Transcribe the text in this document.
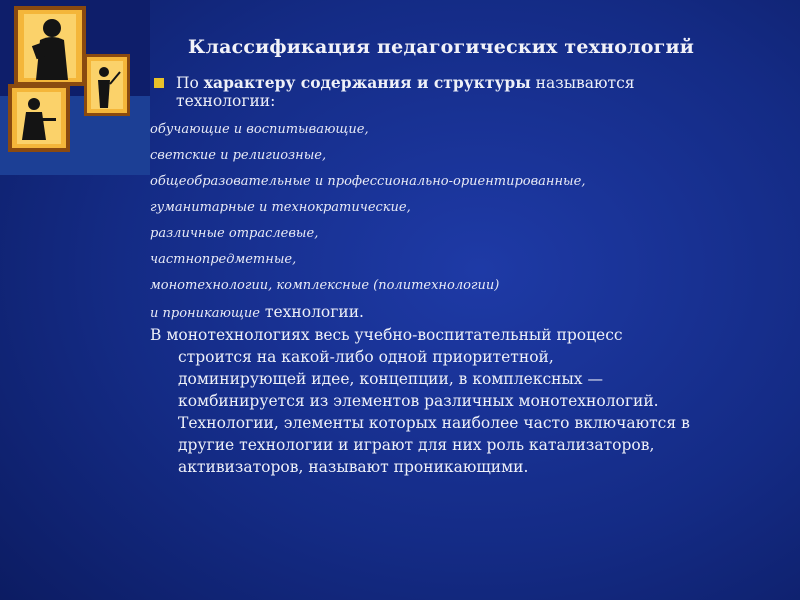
Классификация педагогических технологий
По характеру содержания и структуры называются
технологии:
обучающие и воспитывающие,
светские и религиозные,
общеобразовательные и профессионально-ориентированные,
гуманитарные и технократические,
различные отраслевые,
частнопредметные,
монотехнологии, комплексные (политехнологии)
и проникающие технологии.
В монотехнологиях весь учебно-воспитательный процесс
строится на какой-либо одной приоритетной,
доминирующей идее, концепции, в комплексных —
комбинируется из элементов различных монотехнологий.
Технологии, элементы которых наиболее часто включаются в
другие технологии и играют для них роль катализаторов,
активизаторов, называют проникающими.
